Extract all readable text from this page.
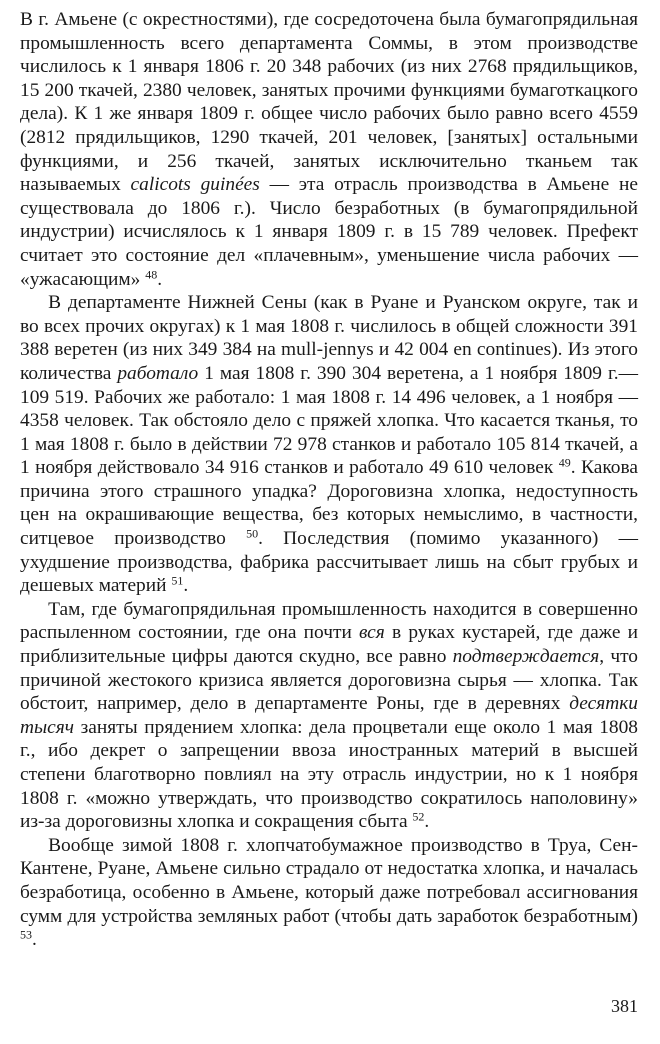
В г. Амьене (с окрестностями), где сосредоточена была бумагопрядильная промышленность всего департамента Соммы, в этом производстве числилось к 1 января 1806 г. 20 348 рабочих (из них 2768 прядильщиков, 15 200 ткачей, 2380 человек, занятых прочими функциями бумаготкацкого дела). К 1 же января 1809 г. общее число рабочих было равно всего 4559 (2812 прядильщиков, 1290 ткачей, 201 человек, [занятых] остальными функциями, и 256 ткачей, занятых исключительно тканьем так называемых calicots guinées — эта отрасль производства в Амьене не существовала до 1806 г.). Число безработных (в бумагопрядильной индустрии) исчислялось к 1 января 1809 г. в 15 789 человек. Префект считает это состояние дел «плачевным», уменьшение числа рабочих — «ужасающим» $^{48}$.

В департаменте Нижней Сены (как в Руане и Руанском округе, так и во всех прочих округах) к 1 мая 1808 г. числилось в общей сложности 391 388 веретен (из них 349 384 на mull-jennys и 42 004 en continues). Из этого количества работало 1 мая 1808 г. 390 304 веретена, а 1 ноября 1809 г.— 109 519. Рабочих же работало: 1 мая 1808 г. 14 496 человек, а 1 ноября — 4358 человек. Так обстояло дело с пряжей хлопка. Что касается тканья, то 1 мая 1808 г. было в действии 72 978 станков и работало 105 814 ткачей, а 1 ноября действовало 34 916 станков и работало 49 610 человек $^{49}$. Какова причина этого страшного упадка? Дороговизна хлопка, недоступность цен на окрашивающие вещества, без которых немыслимо, в частности, ситцевое производство $^{50}$. Последствия (помимо указанного) — ухудшение производства, фабрика рассчитывает лишь на сбыт грубых и дешевых материй $^{51}$.

Там, где бумагопрядильная промышленность находится в совершенно распыленном состоянии, где она почти вся в руках кустарей, где даже и приблизительные цифры даются скудно, все равно подтверждается, что причиной жестокого кризиса является дороговизна сырья — хлопка. Так обстоит, например, дело в департаменте Роны, где в деревнях десятки тысяч заняты прядением хлопка: дела процветали еще около 1 мая 1808 г., ибо декрет о запрещении ввоза иностранных материй в высшей степени благотворно повлиял на эту отрасль индустрии, но к 1 ноября 1808 г. «можно утверждать, что производство сократилось наполовину» из-за дороговизны хлопка и сокращения сбыта $^{52}$.

Вообще зимой 1808 г. хлопчатобумажное производство в Труа, Сен-Кантене, Руане, Амьене сильно страдало от недостатка хлопка, и началась безработица, особенно в Амьене, который даже потребовал ассигнования сумм для устройства земляных работ (чтобы дать заработок безработным) $^{53}$.

381
